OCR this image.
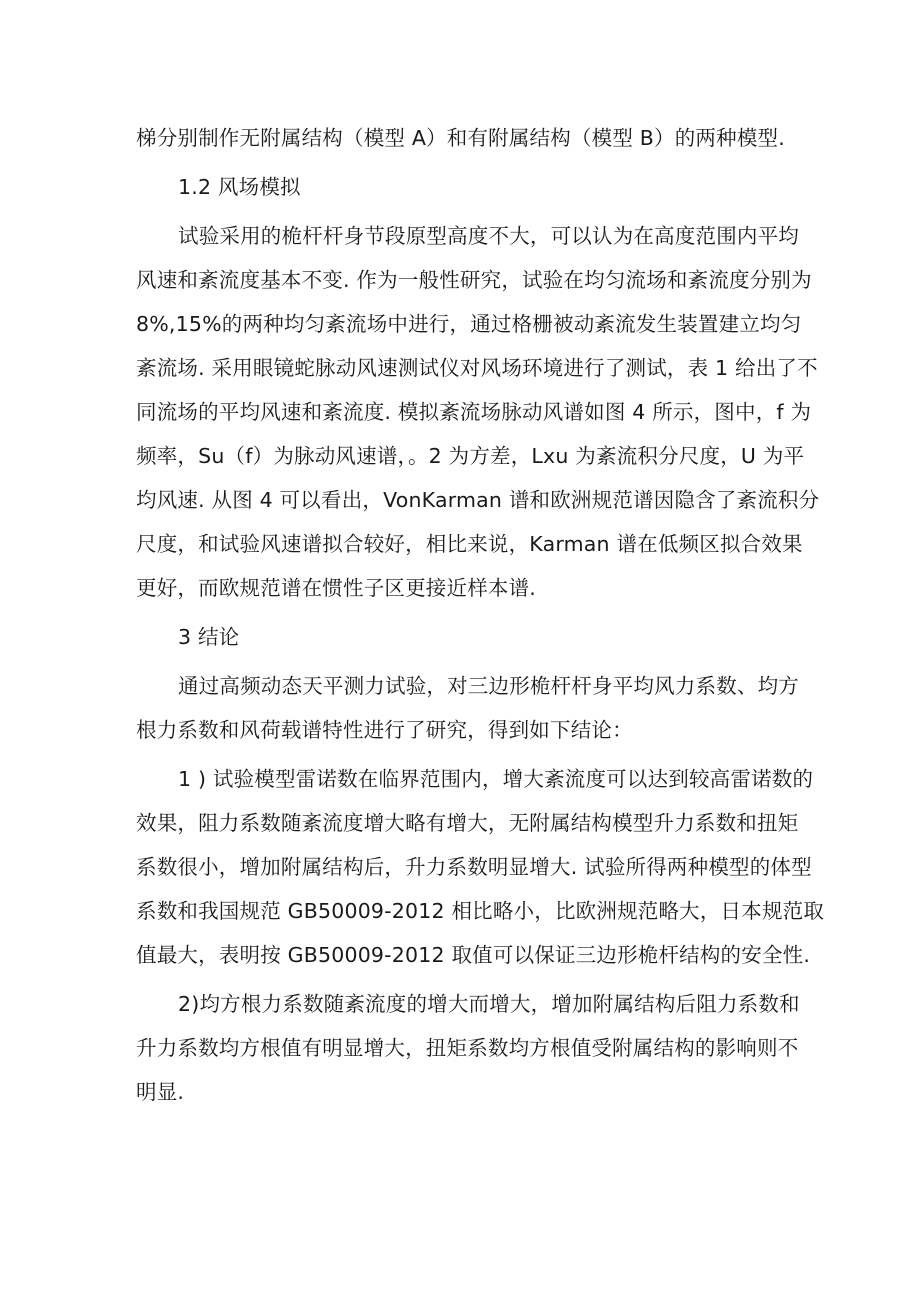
梯分别制作无附属结构（模型 A）和有附属结构（模型 B）的两种模型.

1.2 风场模拟

试验采用的桅杆杆身节段原型高度不大，可以认为在高度范围内平均

风速和紊流度基本不变. 作为一般性研究，试验在均匀流场和紊流度分别为

8%,15%的两种均匀紊流场中进行，通过格栅被动紊流发生装置建立均匀

紊流场. 采用眼镜蛇脉动风速测试仪对风场环境进行了测试，表 1 给出了不

同流场的平均风速和紊流度. 模拟紊流场脉动风谱如图 4 所示，图中，f 为

频率，Su（f）为脉动风速谱，。2 为方差，Lxu 为紊流积分尺度，U 为平

均风速. 从图 4 可以看出，VonKarman 谱和欧洲规范谱因隐含了紊流积分

尺度，和试验风速谱拟合较好，相比来说，Karman 谱在低频区拟合效果

更好，而欧规范谱在惯性子区更接近样本谱.

3 结论

通过高频动态天平测力试验，对三边形桅杆杆身平均风力系数、均方

根力系数和风荷载谱特性进行了研究，得到如下结论：

1 ) 试验模型雷诺数在临界范围内，增大紊流度可以达到较高雷诺数的

效果，阻力系数随紊流度增大略有增大，无附属结构模型升力系数和扭矩

系数很小，增加附属结构后，升力系数明显增大. 试验所得两种模型的体型

系数和我国规范 GB50009-2012 相比略小，比欧洲规范略大，日本规范取

值最大，表明按 GB50009-2012 取值可以保证三边形桅杆结构的安全性.

2)均方根力系数随紊流度的增大而增大，增加附属结构后阻力系数和

升力系数均方根值有明显增大，扭矩系数均方根值受附属结构的影响则不

明显.
